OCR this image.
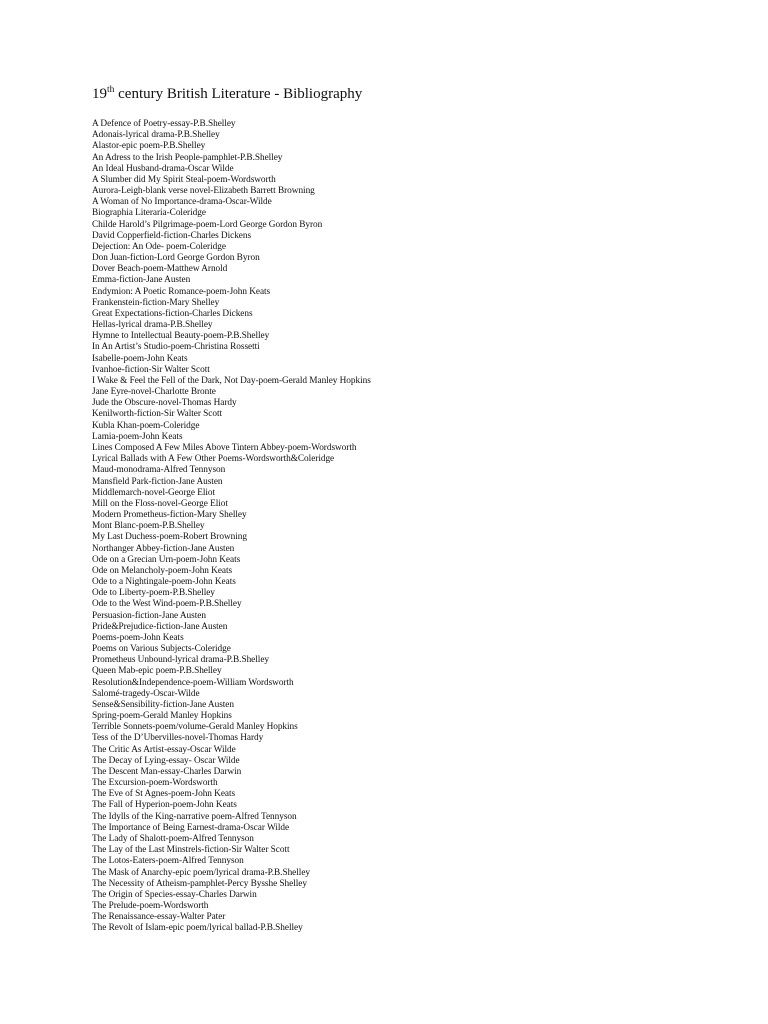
19th century British Literature - Bibliography
A Defence of Poetry-essay-P.B.Shelley
Adonais-lyrical drama-P.B.Shelley
Alastor-epic poem-P.B.Shelley
An Adress to the Irish People-pamphlet-P.B.Shelley
An Ideal Husband-drama-Oscar Wilde
A Slumber did My Spirit Steal-poem-Wordsworth
Aurora-Leigh-blank verse novel-Elizabeth Barrett Browning
A Woman of No Importance-drama-Oscar-Wilde
Biographia Literaria-Coleridge
Childe Harold’s Pilgrimage-poem-Lord George Gordon Byron
David Copperfield-fiction-Charles Dickens
Dejection: An Ode- poem-Coleridge
Don Juan-fiction-Lord George Gordon Byron
Dover Beach-poem-Matthew Arnold
Emma-fiction-Jane Austen
Endymion: A Poetic Romance-poem-John Keats
Frankenstein-fiction-Mary Shelley
Great Expectations-fiction-Charles Dickens
Hellas-lyrical drama-P.B.Shelley
Hymne to Intellectual Beauty-poem-P.B.Shelley
In An Artist’s Studio-poem-Christina Rossetti
Isabelle-poem-John Keats
Ivanhoe-fiction-Sir Walter Scott
I Wake & Feel the Fell of the Dark, Not Day-poem-Gerald Manley Hopkins
Jane Eyre-novel-Charlotte Bronte
Jude the Obscure-novel-Thomas Hardy
Kenilworth-fiction-Sir Walter Scott
Kubla Khan-poem-Coleridge
Lamia-poem-John Keats
Lines Composed A Few Miles Above Tintern Abbey-poem-Wordsworth
Lyrical Ballads with A Few Other Poems-Wordsworth&Coleridge
Maud-monodrama-Alfred Tennyson
Mansfield Park-fiction-Jane Austen
Middlemarch-novel-George Eliot
Mill on the Floss-novel-George Eliot
Modern Prometheus-fiction-Mary Shelley
Mont Blanc-poem-P.B.Shelley
My Last Duchess-poem-Robert Browning
Northanger Abbey-fiction-Jane Austen
Ode on a Grecian Urn-poem-John Keats
Ode on Melancholy-poem-John Keats
Ode to a Nightingale-poem-John Keats
Ode to Liberty-poem-P.B.Shelley
Ode to the West Wind-poem-P.B.Shelley
Persuasion-fiction-Jane Austen
Pride&Prejudice-fiction-Jane Austen
Poems-poem-John Keats
Poems on Various Subjects-Coleridge
Prometheus Unbound-lyrical drama-P.B.Shelley
Queen Mab-epic poem-P.B.Shelley
Resolution&Independence-poem-William Wordsworth
Salomé-tragedy-Oscar-Wilde
Sense&Sensibility-fiction-Jane Austen
Spring-poem-Gerald Manley Hopkins
Terrible Sonnets-poem/volume-Gerald Manley Hopkins
Tess of the D’Ubervilles-novel-Thomas Hardy
The Critic As Artist-essay-Oscar Wilde
The Decay of Lying-essay- Oscar Wilde
The Descent Man-essay-Charles Darwin
The Excursion-poem-Wordsworth
The Eve of St Agnes-poem-John Keats
The Fall of Hyperion-poem-John Keats
The Idylls of the King-narrative poem-Alfred Tennyson
The Importance of Being Earnest-drama-Oscar Wilde
The Lady of Shalott-poem-Alfred Tennyson
The Lay of the Last Minstrels-fiction-Sir Walter Scott
The Lotos-Eaters-poem-Alfred Tennyson
The Mask of Anarchy-epic poem/lyrical drama-P.B.Shelley
The Necessity of Atheism-pamphlet-Percy Bysshe Shelley
The Origin of Species-essay-Charles Darwin
The Prelude-poem-Wordsworth
The Renaissance-essay-Walter Pater
The Revolt of Islam-epic poem/lyrical ballad-P.B.Shelley
